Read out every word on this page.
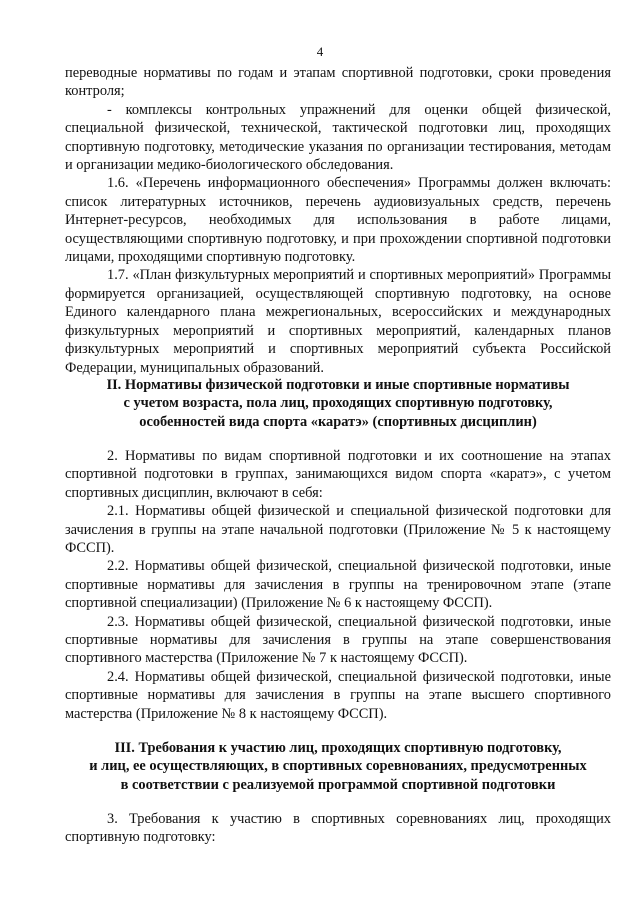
4

переводные нормативы по годам и этапам спортивной подготовки, сроки проведения контроля;

- комплексы контрольных упражнений для оценки общей физической, специальной физической, технической, тактической подготовки лиц, проходящих спортивную подготовку, методические указания по организации тестирования, методам и организации медико-биологического обследования.

1.6. «Перечень информационного обеспечения» Программы должен включать: список литературных источников, перечень аудиовизуальных средств, перечень Интернет-ресурсов, необходимых для использования в работе лицами, осуществляющими спортивную подготовку, и при прохождении спортивной подготовки лицами, проходящими спортивную подготовку.

1.7. «План физкультурных мероприятий и спортивных мероприятий» Программы формируется организацией, осуществляющей спортивную подготовку, на основе Единого календарного плана межрегиональных, всероссийских и международных физкультурных мероприятий и спортивных мероприятий, календарных планов физкультурных мероприятий и спортивных мероприятий субъекта Российской Федерации, муниципальных образований.

II. Нормативы физической подготовки и иные спортивные нормативы

с учетом возраста, пола лиц, проходящих спортивную подготовку,

особенностей вида спорта «каратэ» (спортивных дисциплин)

2. Нормативы по видам спортивной подготовки и их соотношение на этапах спортивной подготовки в группах, занимающихся видом спорта «каратэ», с учетом спортивных дисциплин, включают в себя:

2.1. Нормативы общей физической и специальной физической подготовки для зачисления в группы на этапе начальной подготовки (Приложение № 5 к настоящему ФССП).

2.2. Нормативы общей физической, специальной физической подготовки, иные спортивные нормативы для зачисления в группы на тренировочном этапе (этапе спортивной специализации) (Приложение № 6 к настоящему ФССП).

2.3. Нормативы общей физической, специальной физической подготовки, иные спортивные нормативы для зачисления в группы на этапе совершенствования спортивного мастерства (Приложение № 7 к настоящему ФССП).

2.4. Нормативы общей физической, специальной физической подготовки, иные спортивные нормативы для зачисления в группы на этапе высшего спортивного мастерства (Приложение № 8 к настоящему ФССП).

III. Требования к участию лиц, проходящих спортивную подготовку,

и лиц, ее осуществляющих, в спортивных соревнованиях, предусмотренных

в соответствии с реализуемой программой спортивной подготовки

3. Требования к участию в спортивных соревнованиях лиц, проходящих спортивную подготовку:
